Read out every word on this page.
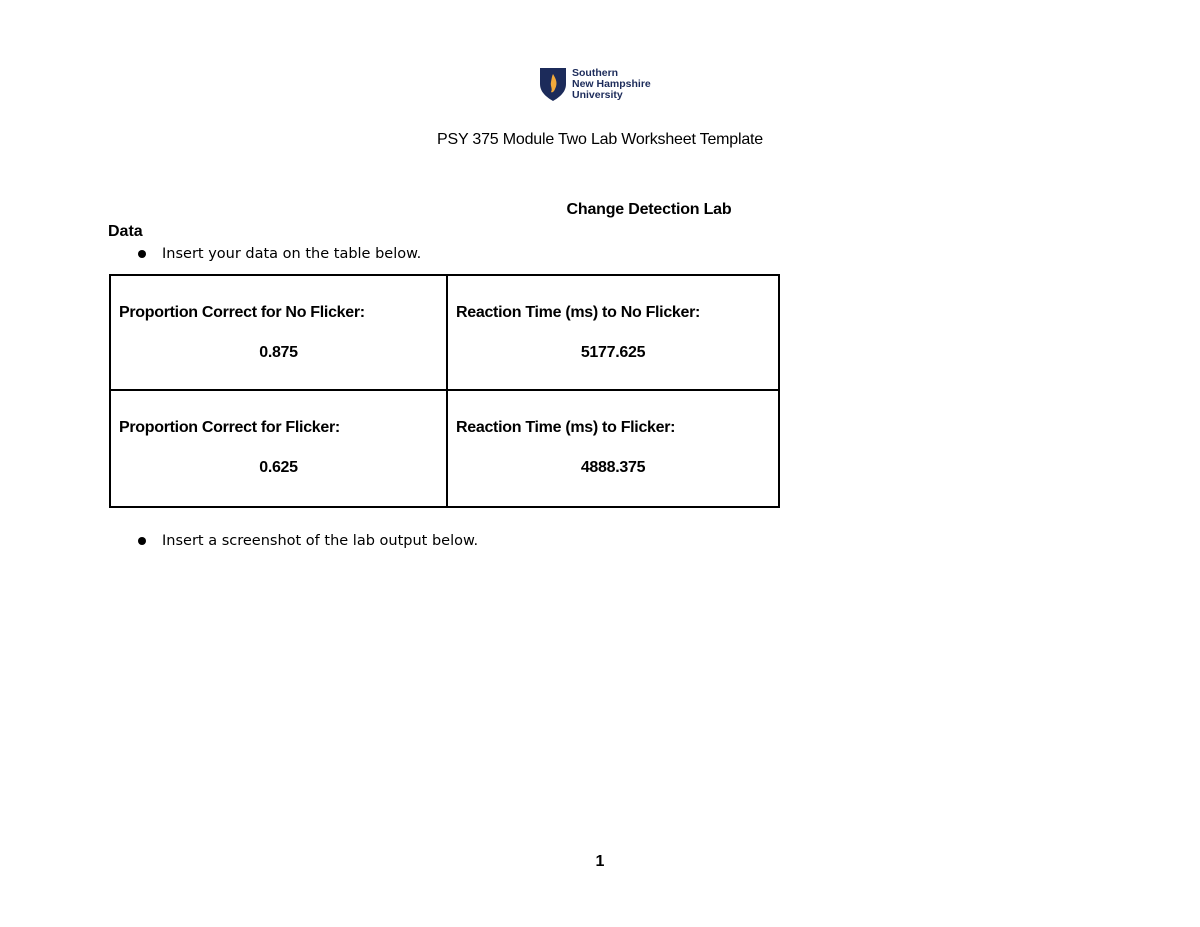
Southern
New Hampshire
University
PSY 375 Module Two Lab Worksheet Template
Change Detection Lab
Data
Insert your data on the table below.
Proportion Correct for No Flicker:
0.875
Reaction Time (ms) to No Flicker:
5177.625
Proportion Correct for Flicker:
0.625
Reaction Time (ms) to Flicker:
4888.375
Insert a screenshot of the lab output below.
1
